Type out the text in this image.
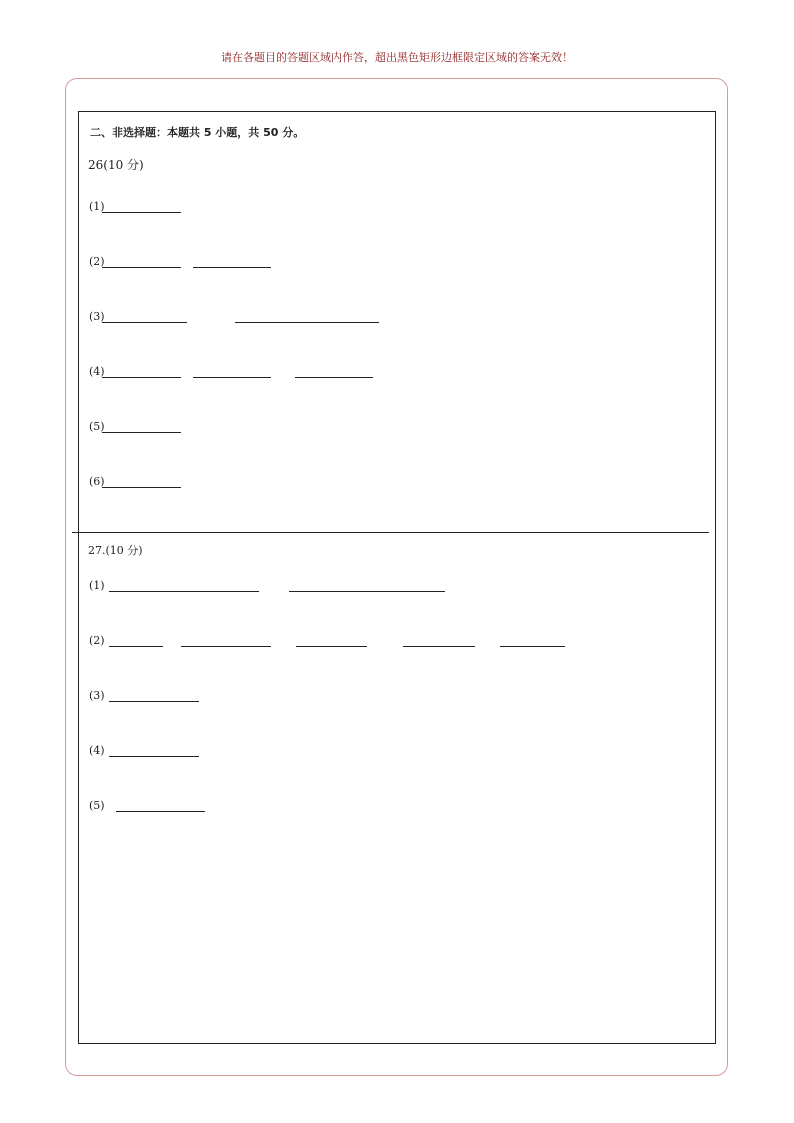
请在各题目的答题区域内作答，超出黑色矩形边框限定区域的答案无效！
二、非选择题：本题共 5 小题，共 50 分。
26(10 分)
(1)
(2)
(3)
(4)
(5)
(6)
27.(10 分)
(1)
(2)
(3)
(4)
(5)
